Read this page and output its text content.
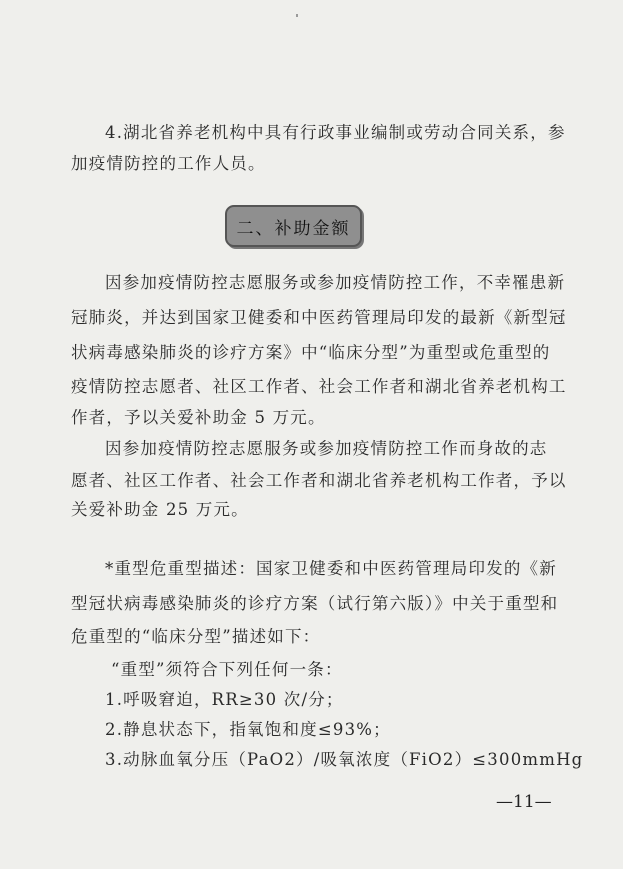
4.湖北省养老机构中具有行政事业编制或劳动合同关系，参
加疫情防控的工作人员。
二、补助金额
因参加疫情防控志愿服务或参加疫情防控工作，不幸罹患新
冠肺炎，并达到国家卫健委和中医药管理局印发的最新《新型冠
状病毒感染肺炎的诊疗方案》中“临床分型”为重型或危重型的
疫情防控志愿者、社区工作者、社会工作者和湖北省养老机构工
作者，予以关爱补助金 5 万元。
因参加疫情防控志愿服务或参加疫情防控工作而身故的志
愿者、社区工作者、社会工作者和湖北省养老机构工作者，予以
关爱补助金 25 万元。
*重型危重型描述：国家卫健委和中医药管理局印发的《新
型冠状病毒感染肺炎的诊疗方案（试行第六版）》中关于重型和
危重型的“临床分型”描述如下：
“重型”须符合下列任何一条：
1.呼吸窘迫，RR≥30 次/分；
2.静息状态下，指氧饱和度≤93%；
3.动脉血氧分压（PaO2）/吸氧浓度（FiO2）≤300mmHg
—11—
